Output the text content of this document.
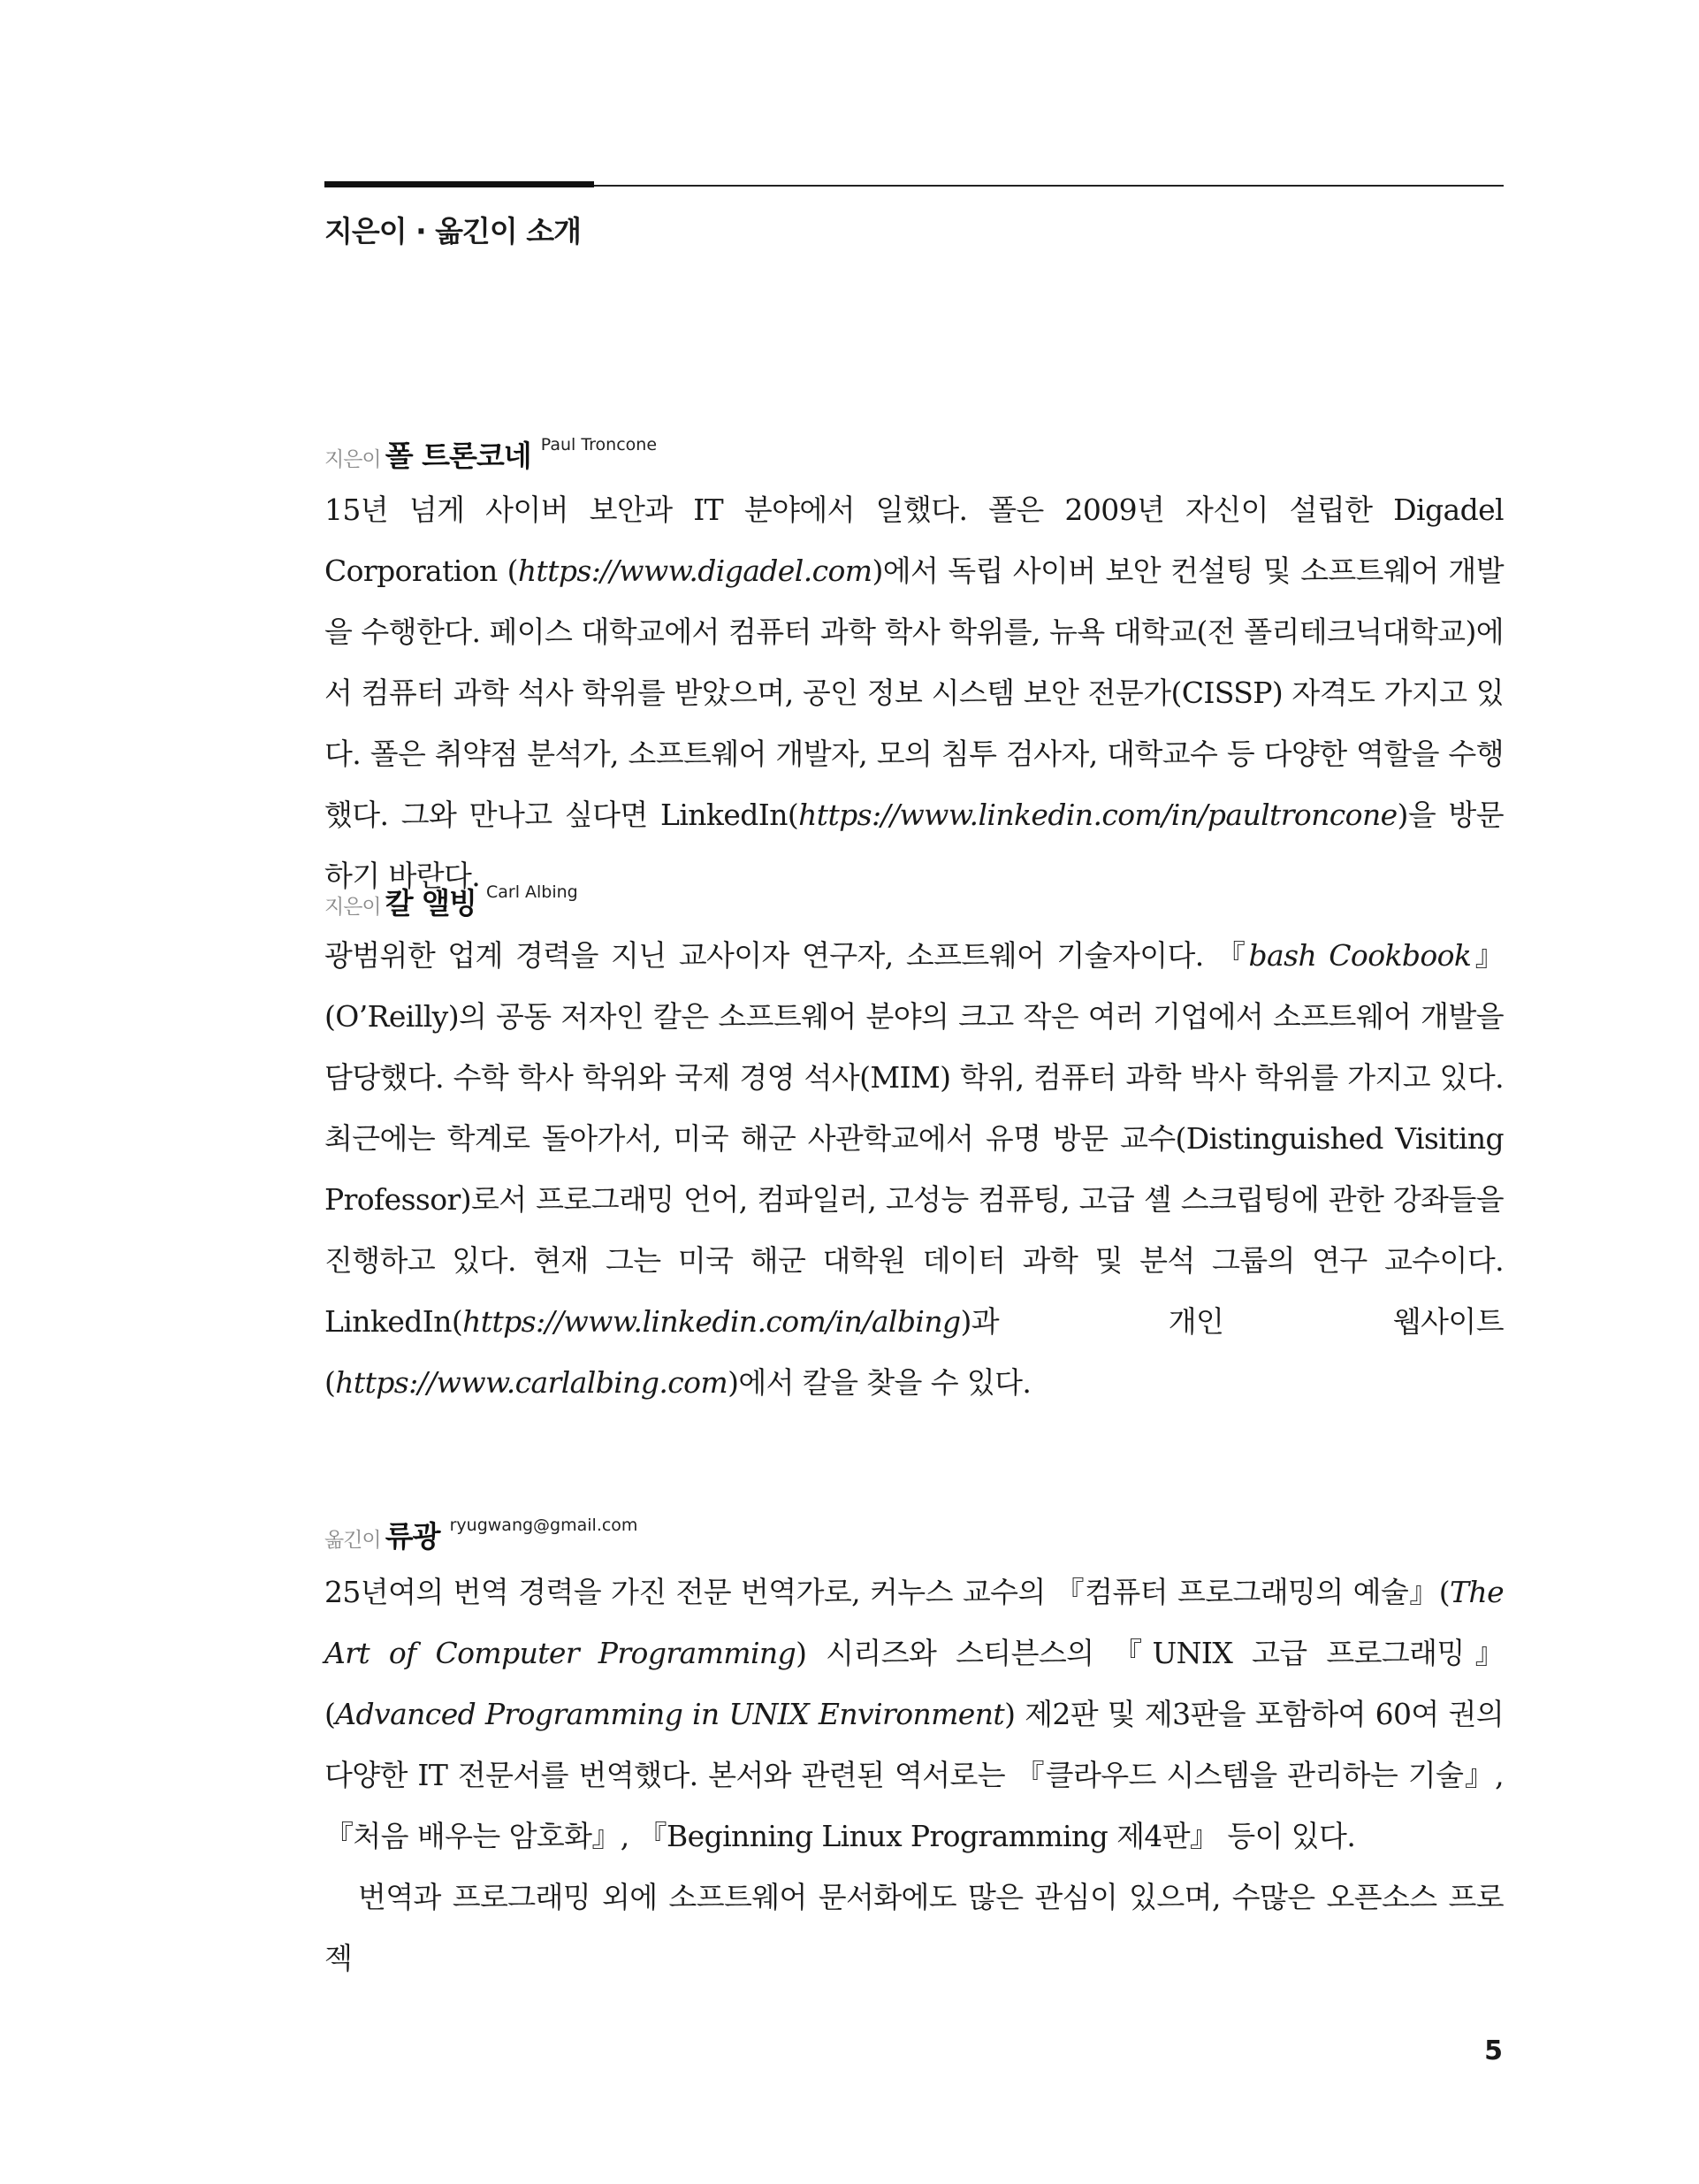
지은이 · 옮긴이 소개
지은이 폴 트론코네 Paul Troncone

15년 넘게 사이버 보안과 IT 분야에서 일했다. 폴은 2009년 자신이 설립한 Digadel Corporation (https://www.digadel.com)에서 독립 사이버 보안 컨설팅 및 소프트웨어 개발을 수행한다. 페이스 대학교에서 컴퓨터 과학 학사 학위를, 뉴욕 대학교(전 폴리테크닉대학교)에서 컴퓨터 과학 석사 학위를 받았으며, 공인 정보 시스템 보안 전문가(CISSP) 자격도 가지고 있다. 폴은 취약점 분석가, 소프트웨어 개발자, 모의 침투 검사자, 대학교수 등 다양한 역할을 수행했다. 그와 만나고 싶다면 LinkedIn(https://www.linkedin.com/in/paultroncone)을 방문하기 바란다.

지은이 칼 앨빙 Carl Albing

광범위한 업계 경력을 지닌 교사이자 연구자, 소프트웨어 기술자이다. 『bash Cookbook』(O’Reilly)의 공동 저자인 칼은 소프트웨어 분야의 크고 작은 여러 기업에서 소프트웨어 개발을 담당했다. 수학 학사 학위와 국제 경영 석사(MIM) 학위, 컴퓨터 과학 박사 학위를 가지고 있다. 최근에는 학계로 돌아가서, 미국 해군 사관학교에서 유명 방문 교수(Distinguished Visiting Professor)로서 프로그래밍 언어, 컴파일러, 고성능 컴퓨팅, 고급 셸 스크립팅에 관한 강좌들을 진행하고 있다. 현재 그는 미국 해군 대학원 데이터 과학 및 분석 그룹의 연구 교수이다. LinkedIn(https://www.linkedin.com/in/albing)과 개인 웹사이트(https://www.carlalbing.com)에서 칼을 찾을 수 있다.

옮긴이 류광 ryugwang@gmail.com

25년여의 번역 경력을 가진 전문 번역가로, 커누스 교수의 『컴퓨터 프로그래밍의 예술』(The Art of Computer Programming) 시리즈와 스티븐스의 『UNIX 고급 프로그래밍』(Advanced Programming in UNIX Environment) 제2판 및 제3판을 포함하여 60여 권의 다양한 IT 전문서를 번역했다. 본서와 관련된 역서로는 『클라우드 시스템을 관리하는 기술』, 『처음 배우는 암호화』, 『Beginning Linux Programming 제4판』 등이 있다.

번역과 프로그래밍 외에 소프트웨어 문서화에도 많은 관심이 있으며, 수많은 오픈소스 프로젝

5
